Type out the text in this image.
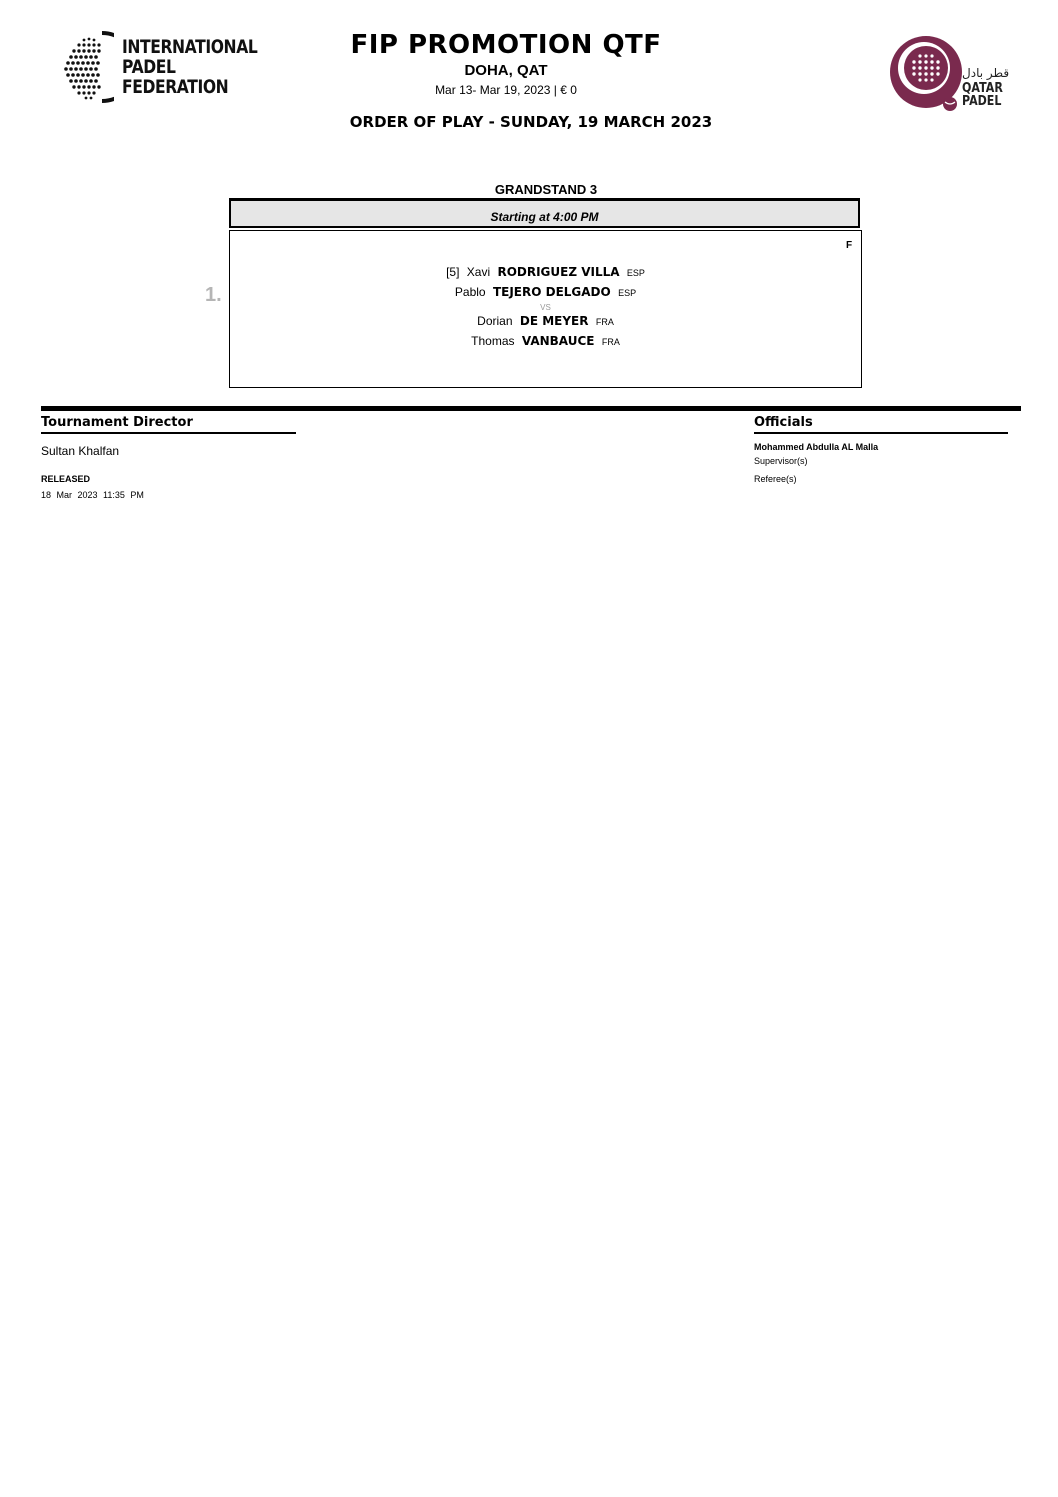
INTERNATIONAL
PADEL
FEDERATION
FIP PROMOTION QTF
DOHA, QAT
Mar 13- Mar 19, 2023 | € 0
ORDER OF PLAY - SUNDAY, 19 MARCH 2023
قطر بادل
QATAR
PADEL
GRANDSTAND 3
Starting at 4:00 PM
1.
F
[5] Xavi RODRIGUEZ VILLA ESP
Pablo TEJERO DELGADO ESP
VS
Dorian DE MEYER FRA
Thomas VANBAUCE FRA
Tournament Director
Sultan Khalfan
RELEASED
18 Mar 2023 11:35 PM
Officials
Mohammed Abdulla AL Malla
Supervisor(s)
Referee(s)
